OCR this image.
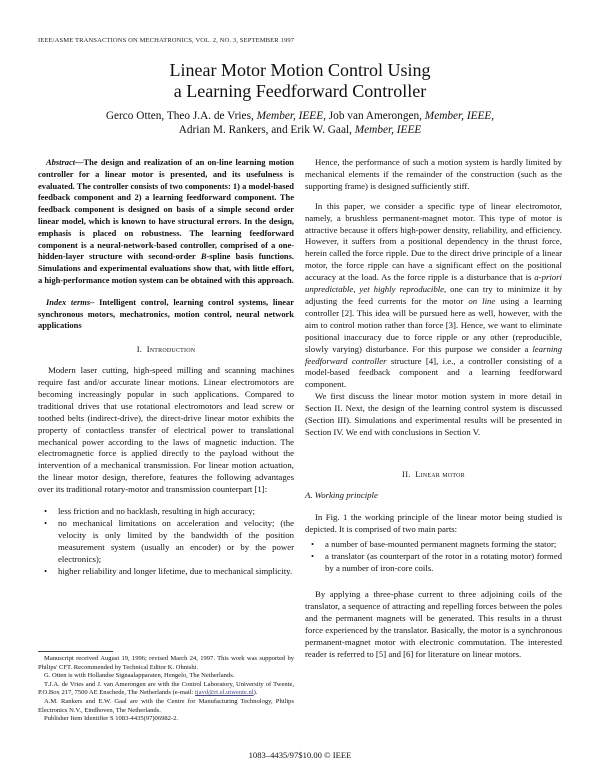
IEEE/ASME TRANSACTIONS ON MECHATRONICS, VOL. 2, NO. 3, SEPTEMBER 1997
Linear Motor Motion Control Using
a Learning Feedforward Controller
Gerco Otten, Theo J.A. de Vries, Member, IEEE, Job van Amerongen, Member, IEEE,
Adrian M. Rankers, and Erik W. Gaal, Member, IEEE

Abstract—The design and realization of an on-line learning motion controller for a linear motor is presented, and its usefulness is evaluated. The controller consists of two components: 1) a model-based feedback component and 2) a learning feedforward component. The feedback component is designed on basis of a simple second order linear model, which is known to have structural errors. In the design, emphasis is placed on robustness. The learning feedforward component is a neural-network-based controller, comprised of a one-hidden-layer structure with second-order B-spline basis functions. Simulations and experimental evaluations show that, with little effort, a high-performance motion system can be obtained with this approach.

Index terms– Intelligent control, learning control systems, linear synchronous motors, mechatronics, motion control, neural network applications

I. Introduction

Modern laser cutting, high-speed milling and scanning machines require fast and/or accurate linear motions. Linear electromotors are becoming increasingly popular in such applications. Compared to traditional drives that use rotational electromotors and lead screw or toothed belts (indirect-drive), the direct-drive linear motor exhibits the property of contactless transfer of electrical power to translational mechanical power according to the laws of magnetic induction. The electromagnetic force is applied directly to the payload without the intervention of a mechanical transmission. For linear motion actuation, the linear motor design, therefore, features the following advantages over its traditional rotary-motor and transmission counterpart [1]:

• less friction and no backlash, resulting in high accuracy;
• no mechanical limitations on acceleration and velocity; (the velocity is only limited by the bandwidth of the position measurement system (usually an encoder) or by the power electronics);
• higher reliability and longer lifetime, due to mechanical simplicity.

Hence, the performance of such a motion system is hardly limited by mechanical elements if the remainder of the construction (such as the supporting frame) is designed sufficiently stiff.

In this paper, we consider a specific type of linear electromotor, namely, a brushless permanent-magnet motor. This type of motor is attractive because it offers high-power density, reliability, and efficiency. However, it suffers from a positional dependency in the thrust force, herein called the force ripple. Due to the direct drive principle of a linear motor, the force ripple can have a significant effect on the positional accuracy at the load. As the force ripple is a disturbance that is a-priori unpredictable, yet highly reproducible, one can try to minimize it by adjusting the feed currents for the motor on line using a learning controller [2]. This idea will be pursued here as well, however, with the aim to control motion rather than force [3]. Hence, we want to eliminate positional inaccuracy due to force ripple or any other (reproducible, slowly varying) disturbance. For this purpose we consider a learning feedforward controller structure [4], i.e., a controller consisting of a model-based feedback component and a learning feedforward component.

We first discuss the linear motor motion system in more detail in Section II. Next, the design of the learning control system is discussed (Section III). Simulations and experimental results will be presented in Section IV. We end with conclusions in Section V.

II. Linear motor

A. Working principle

In Fig. 1 the working principle of the linear motor being studied is depicted. It is comprised of two main parts:

• a number of base-mounted permanent magnets forming the stator;
• a translator (as counterpart of the rotor in a rotating motor) formed by a number of iron-core coils.

By applying a three-phase current to three adjoining coils of the translator, a sequence of attracting and repelling forces between the poles and the permanent magnets will be generated. This results in a thrust force experienced by the translator. Basically, the motor is a synchronous permanent-magnet motor with electronic commutation. The interested reader is referred to [5] and [6] for literature on linear motors.

Manuscript received August 19, 1996; revised March 24, 1997. This work was supported by Philips' CFT. Recommended by Technical Editor K. Ohnishi.

G. Otten is with Hollandse Signaalapparaten, Hengelo, The Netherlands.

T.J.A. de Vries and J. van Amerongen are with the Control Laboratory, University of Twente, P.O.Box 217, 7500 AE Enschede, The Netherlands (e-mail: tjavd@rt.el.utwente.nl).

A.M. Rankers and E.W. Gaal are with the Centre for Manufacturing Technology, Philips Electronics N.V., Eindhoven, The Netherlands.

Publisher Item Identifier S 1083-4435(97)06982-2.

1083–4435/97$10.00 © IEEE
